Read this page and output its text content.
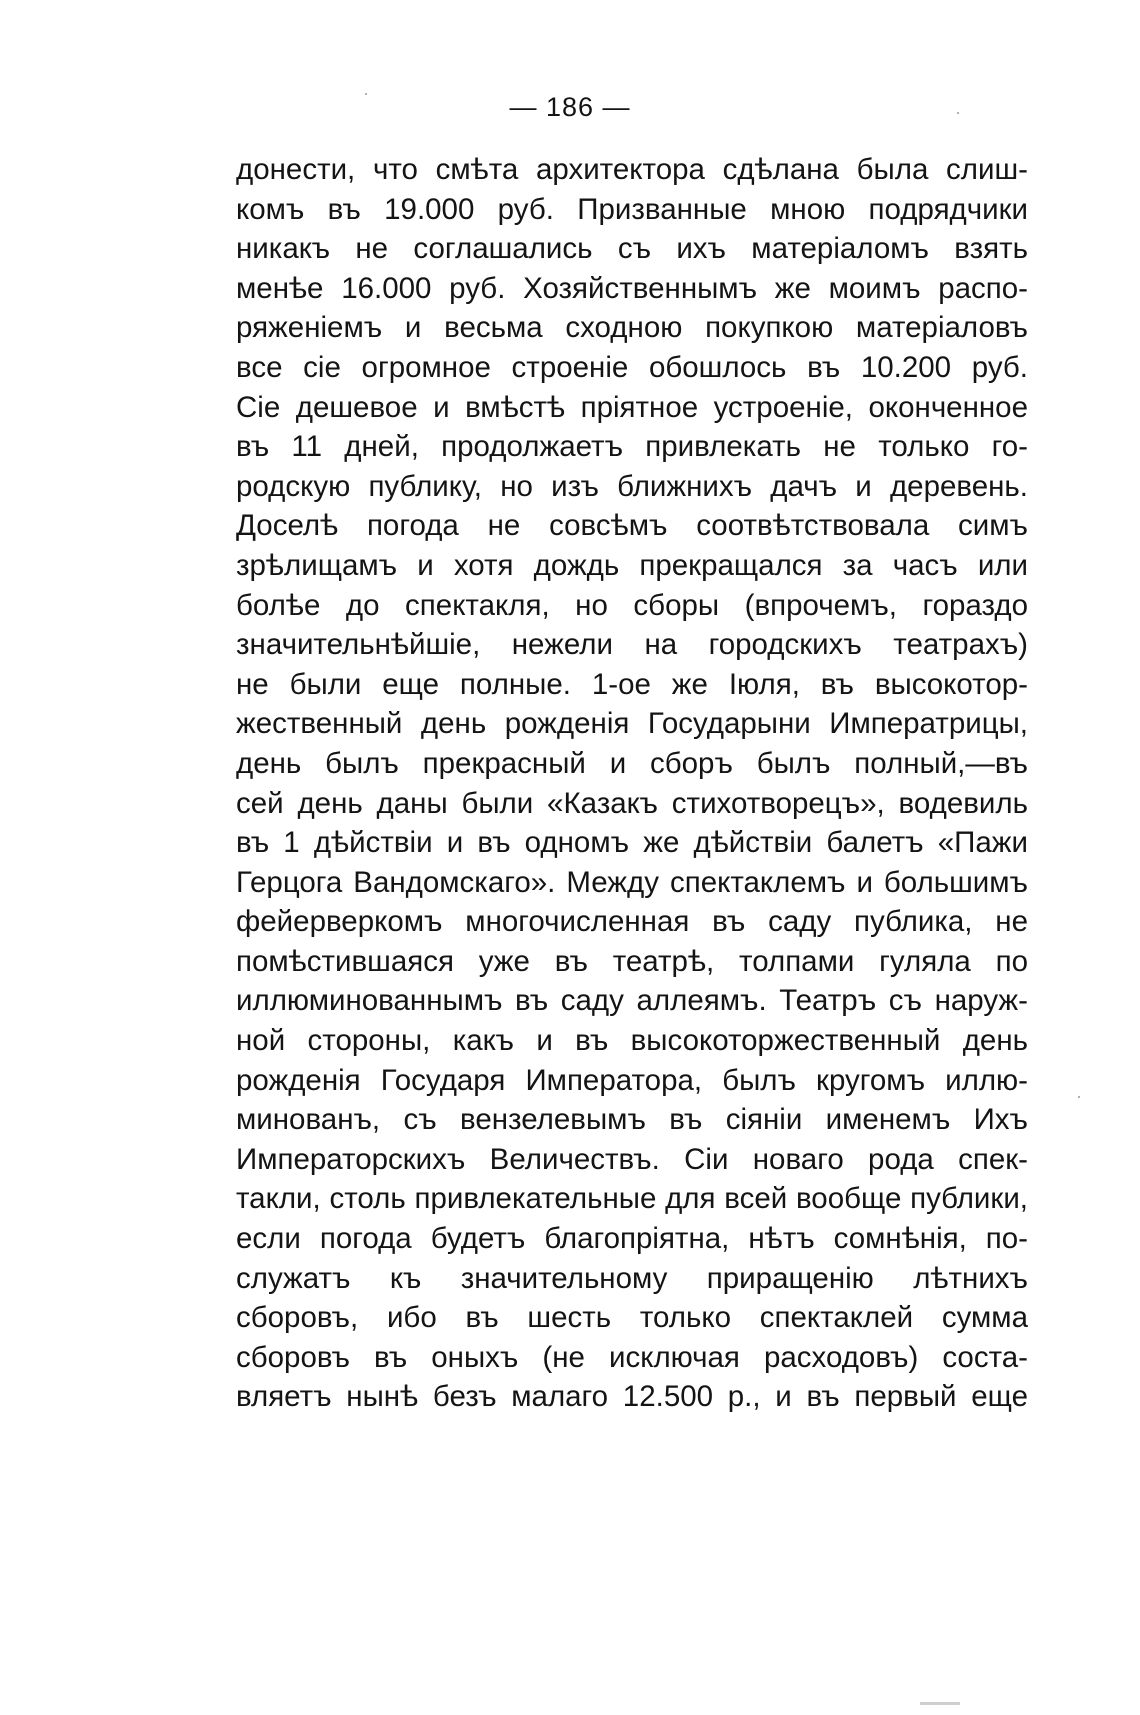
— 186 —
донести, что смѣта архитектора сдѣлана была слиш-
комъ въ 19.000 руб. Призванные мною подрядчики
никакъ не соглашались съ ихъ матеріаломъ взять
менѣе 16.000 руб. Хозяйственнымъ же моимъ распо-
ряженіемъ и весьма сходною покупкою матеріаловъ
все сіе огромное строеніе обошлось въ 10.200 руб.
Сіе дешевое и вмѣстѣ пріятное устроеніе, оконченное
въ 11 дней, продолжаетъ привлекать не только го-
родскую публику, но изъ ближнихъ дачъ и деревень.
Доселѣ погода не совсѣмъ соотвѣтствовала симъ
зрѣлищамъ и хотя дождь прекращался за часъ или
болѣе до спектакля, но сборы (впрочемъ, гораздо
значительнѣйшіе, нежели на городскихъ театрахъ)
не были еще полные. 1-ое же Іюля, въ высокотор-
жественный день рожденія Государыни Императрицы,
день былъ прекрасный и сборъ былъ полный,—въ
сей день даны были «Казакъ стихотворецъ», водевиль
въ 1 дѣйствіи и въ одномъ же дѣйствіи балетъ «Пажи
Герцога Вандомскаго». Между спектаклемъ и большимъ
фейерверкомъ многочисленная въ саду публика, не
помѣстившаяся уже въ театрѣ, толпами гуляла по
иллюминованнымъ въ саду аллеямъ. Театръ съ наруж-
ной стороны, какъ и въ высокоторжественный день
рожденія Государя Императора, былъ кругомъ иллю-
минованъ, съ вензелевымъ въ сіяніи именемъ Ихъ
Императорскихъ Величествъ. Сіи новаго рода спек-
такли, столь привлекательные для всей вообще публики,
если погода будетъ благопріятна, нѣтъ сомнѣнія, по-
служатъ къ значительному приращенію лѣтнихъ
сборовъ, ибо въ шесть только спектаклей сумма
сборовъ въ оныхъ (не исключая расходовъ) соста-
вляетъ нынѣ безъ малаго 12.500 р., и въ первый еще
